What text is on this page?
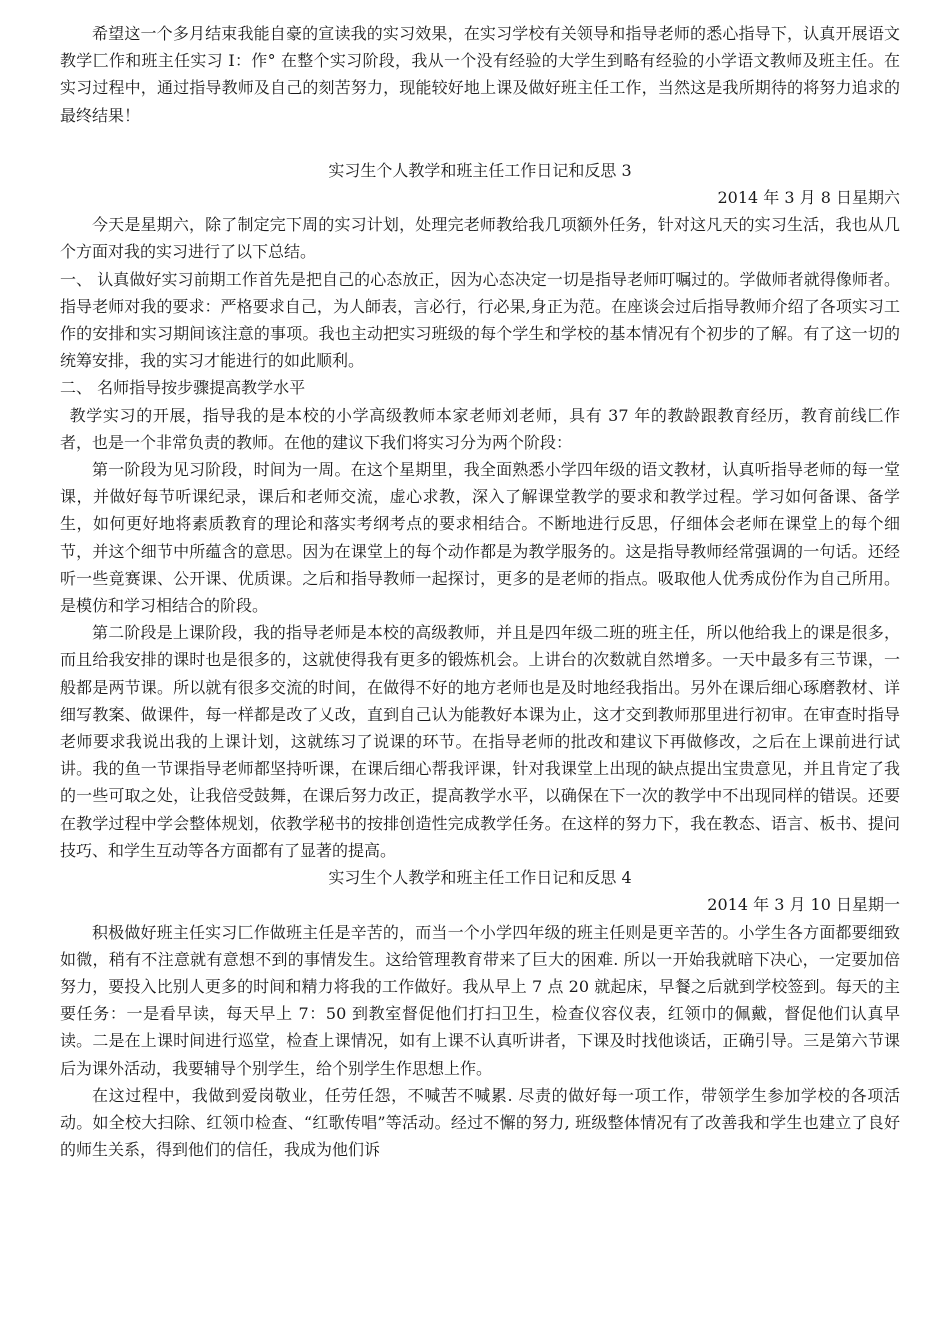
希望这一个多月结束我能自豪的宣读我的实习效果，在实习学校有关领导和指导老师的悉心指导下，认真开展语文教学匚作和班主任实习 I：作° 在整个实习阶段，我从一个没有经验的大学生到略有经验的小学语文教师及班主任。在实习过程中，通过指导教师及自己的刻苦努力，现能较好地上课及做好班主任工作，当然这是我所期待的将努力追求的最终结果！

实习生个人教学和班主任工作日记和反思 3

2014 年 3 月 8 日星期六

今天是星期六，除了制定完下周的实习计划，处理完老师教给我几项额外任务，针对这凡天的实习生活，我也从几个方面对我的实习进行了以下总结。

一、 认真做好实习前期工作首先是把自己的心态放正，因为心态决定一切是指导老师叮嘱过的。学做师者就得像师者。指导老师对我的要求：严格要求自己，为人師表，言必行，行必果,身正为范。在座谈会过后指导教师介绍了各项实习工作的安排和实习期间该注意的事项。我也主动把实习班级的每个学生和学校的基本情况有个初步的了解。有了这一切的统筹安排，我的实习才能进行的如此顺利。

二、 名师指导按步骤提高教学水平

教学实习的开展，指导我的是本校的小学高级教师本家老师刘老师，具有 37 年的教龄跟教育经历，教育前线匚作者，也是一个非常负责的教师。在他的建议下我们将实习分为两个阶段：

第一阶段为见习阶段，时间为一周。在这个星期里，我全面熟悉小学四年级的语文教材，认真听指导老师的每一堂课，并做好每节听课纪录，课后和老师交流，虚心求教，深入了解课堂教学的要求和教学过程。学习如何备课、备学生，如何更好地将素质教育的理论和落实考纲考点的要求相结合。不断地进行反思，仔细体会老师在课堂上的每个细节，并这个细节中所蕴含的意思。因为在课堂上的每个动作都是为教学服务的。这是指导教师经常强调的一句话。还经听一些竟赛课、公开课、优质课。之后和指导教师一起探讨，更多的是老师的指点。吸取他人优秀成份作为自己所用。是模仿和学习相结合的阶段。

第二阶段是上课阶段，我的指导老师是本校的高级教师，并且是四年级二班的班主任，所以他给我上的课是很多，而且给我安排的课时也是很多的，这就使得我有更多的锻炼机会。上讲台的次数就自然增多。一天中最多有三节课，一般都是两节课。所以就有很多交流的时间，在做得不好的地方老师也是及时地经我指出。另外在课后细心琢磨教材、详细写教案、做课件，每一样都是改了乂改，直到自己认为能教好本课为止，这才交到教师那里进行初审。在审查时指导老师要求我说出我的上课计划，这就练习了说课的环节。在指导老师的批改和建议下再做修改，之后在上课前进行试讲。我的鱼一节课指导老师都坚持听课，在课后细心帮我评课，针对我课堂上出现的缺点提出宝贵意见，并且肯定了我的一些可取之处，让我倍受鼓舞，在课后努力改正，提高教学水平，以确保在下一次的教学中不出现同样的错误。还要在教学过程中学会整体规划，依教学秘书的按排创造性完成教学任务。在这样的努力下，我在教态、语言、板书、提问技巧、和学生互动等各方面都有了显著的提高。

实习生个人教学和班主任工作日记和反思 4

2014 年 3 月 10 日星期一

积极做好班主任实习匚作做班主任是辛苦的，而当一个小学四年级的班主任则是更辛苦的。小学生各方面都要细致如微，稍有不注意就有意想不到的事情发生。这给管理教育带来了巨大的困难. 所以一开始我就暗下决心，一定要加倍努力，要投入比别人更多的时间和精力将我的工作做好。我从早上 7 点 20 就起床，早餐之后就到学校签到。每天的主要任务：一是看早读，每天早上 7：50 到教室督促他们打扫卫生，检查仪容仪表，红领巾的佩戴，督促他们认真早读。二是在上课时间进行巡堂，检查上课情况，如有上课不认真听讲者，下课及时找他谈话，正确引导。三是第六节课后为课外活动，我要辅导个别学生，给个别学生作思想上作。

在这过程中，我做到爱岗敬业，任劳任怨，不喊苦不喊累. 尽责的做好每一项工作，带领学生参加学校的各项活动。如全校大扫除、红领巾检查、“红歌传唱”等活动。经过不懈的努力, 班级整体情况有了改善我和学生也建立了良好的师生关系，得到他们的信任，我成为他们诉
